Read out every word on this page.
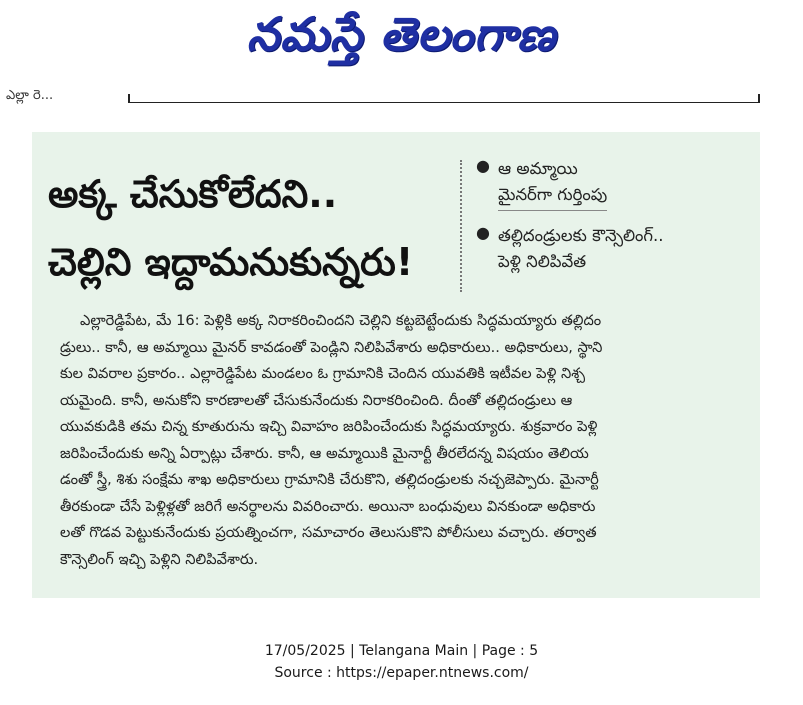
నమస్తే తెలంగాణ
ఎల్లా రె...
అక్క చేసుకోలేదని..
చెల్లిని ఇద్దామనుకున్నరు!
● ఆ అమ్మాయి
మైనర్‌గా గుర్తింపు
● తల్లిదండ్రులకు కౌన్సెలింగ్..
పెళ్లి నిలిపివేత
ఎల్లారెడ్డిపేట, మే 16: పెళ్లికి అక్క నిరాకరించిందని చెల్లిని కట్టబెట్టేందుకు సిద్ధమయ్యారు తల్లిదం
డ్రులు.. కానీ, ఆ అమ్మాయి మైనర్ కావడంతో పెండ్లిని నిలిపివేశారు అధికారులు.. అధికారులు, స్థాని
కుల వివరాల ప్రకారం.. ఎల్లారెడ్డిపేట మండలం ఓ గ్రామానికి చెందిన యువతికి ఇటీవల పెళ్లి నిశ్చ
యమైంది. కానీ, అనుకోని కారణాలతో చేసుకునేందుకు నిరాకరించింది. దీంతో తల్లిదండ్రులు ఆ
యువకుడికి తమ చిన్న కూతురును ఇచ్చి వివాహం జరిపించేందుకు సిద్ధమయ్యారు. శుక్రవారం పెళ్లి
జరిపించేందుకు అన్ని ఏర్పాట్లు చేశారు. కానీ, ఆ అమ్మాయికి మైనార్టీ తీరలేదన్న విషయం తెలియ
డంతో స్త్రీ, శిశు సంక్షేమ శాఖ అధికారులు గ్రామానికి చేరుకొని, తల్లిదండ్రులకు నచ్చజెప్పారు. మైనార్టీ
తీరకుండా చేసే పెళ్లిళ్లతో జరిగే అనర్థాలను వివరించారు. అయినా బంధువులు వినకుండా అధికారు
లతో గొడవ పెట్టుకునేందుకు ప్రయత్నించగా, సమాచారం తెలుసుకొని పోలీసులు వచ్చారు. తర్వాత
కౌన్సెలింగ్ ఇచ్చి పెళ్లిని నిలిపివేశారు.
17/05/2025 | Telangana Main | Page : 5
Source : https://epaper.ntnews.com/
